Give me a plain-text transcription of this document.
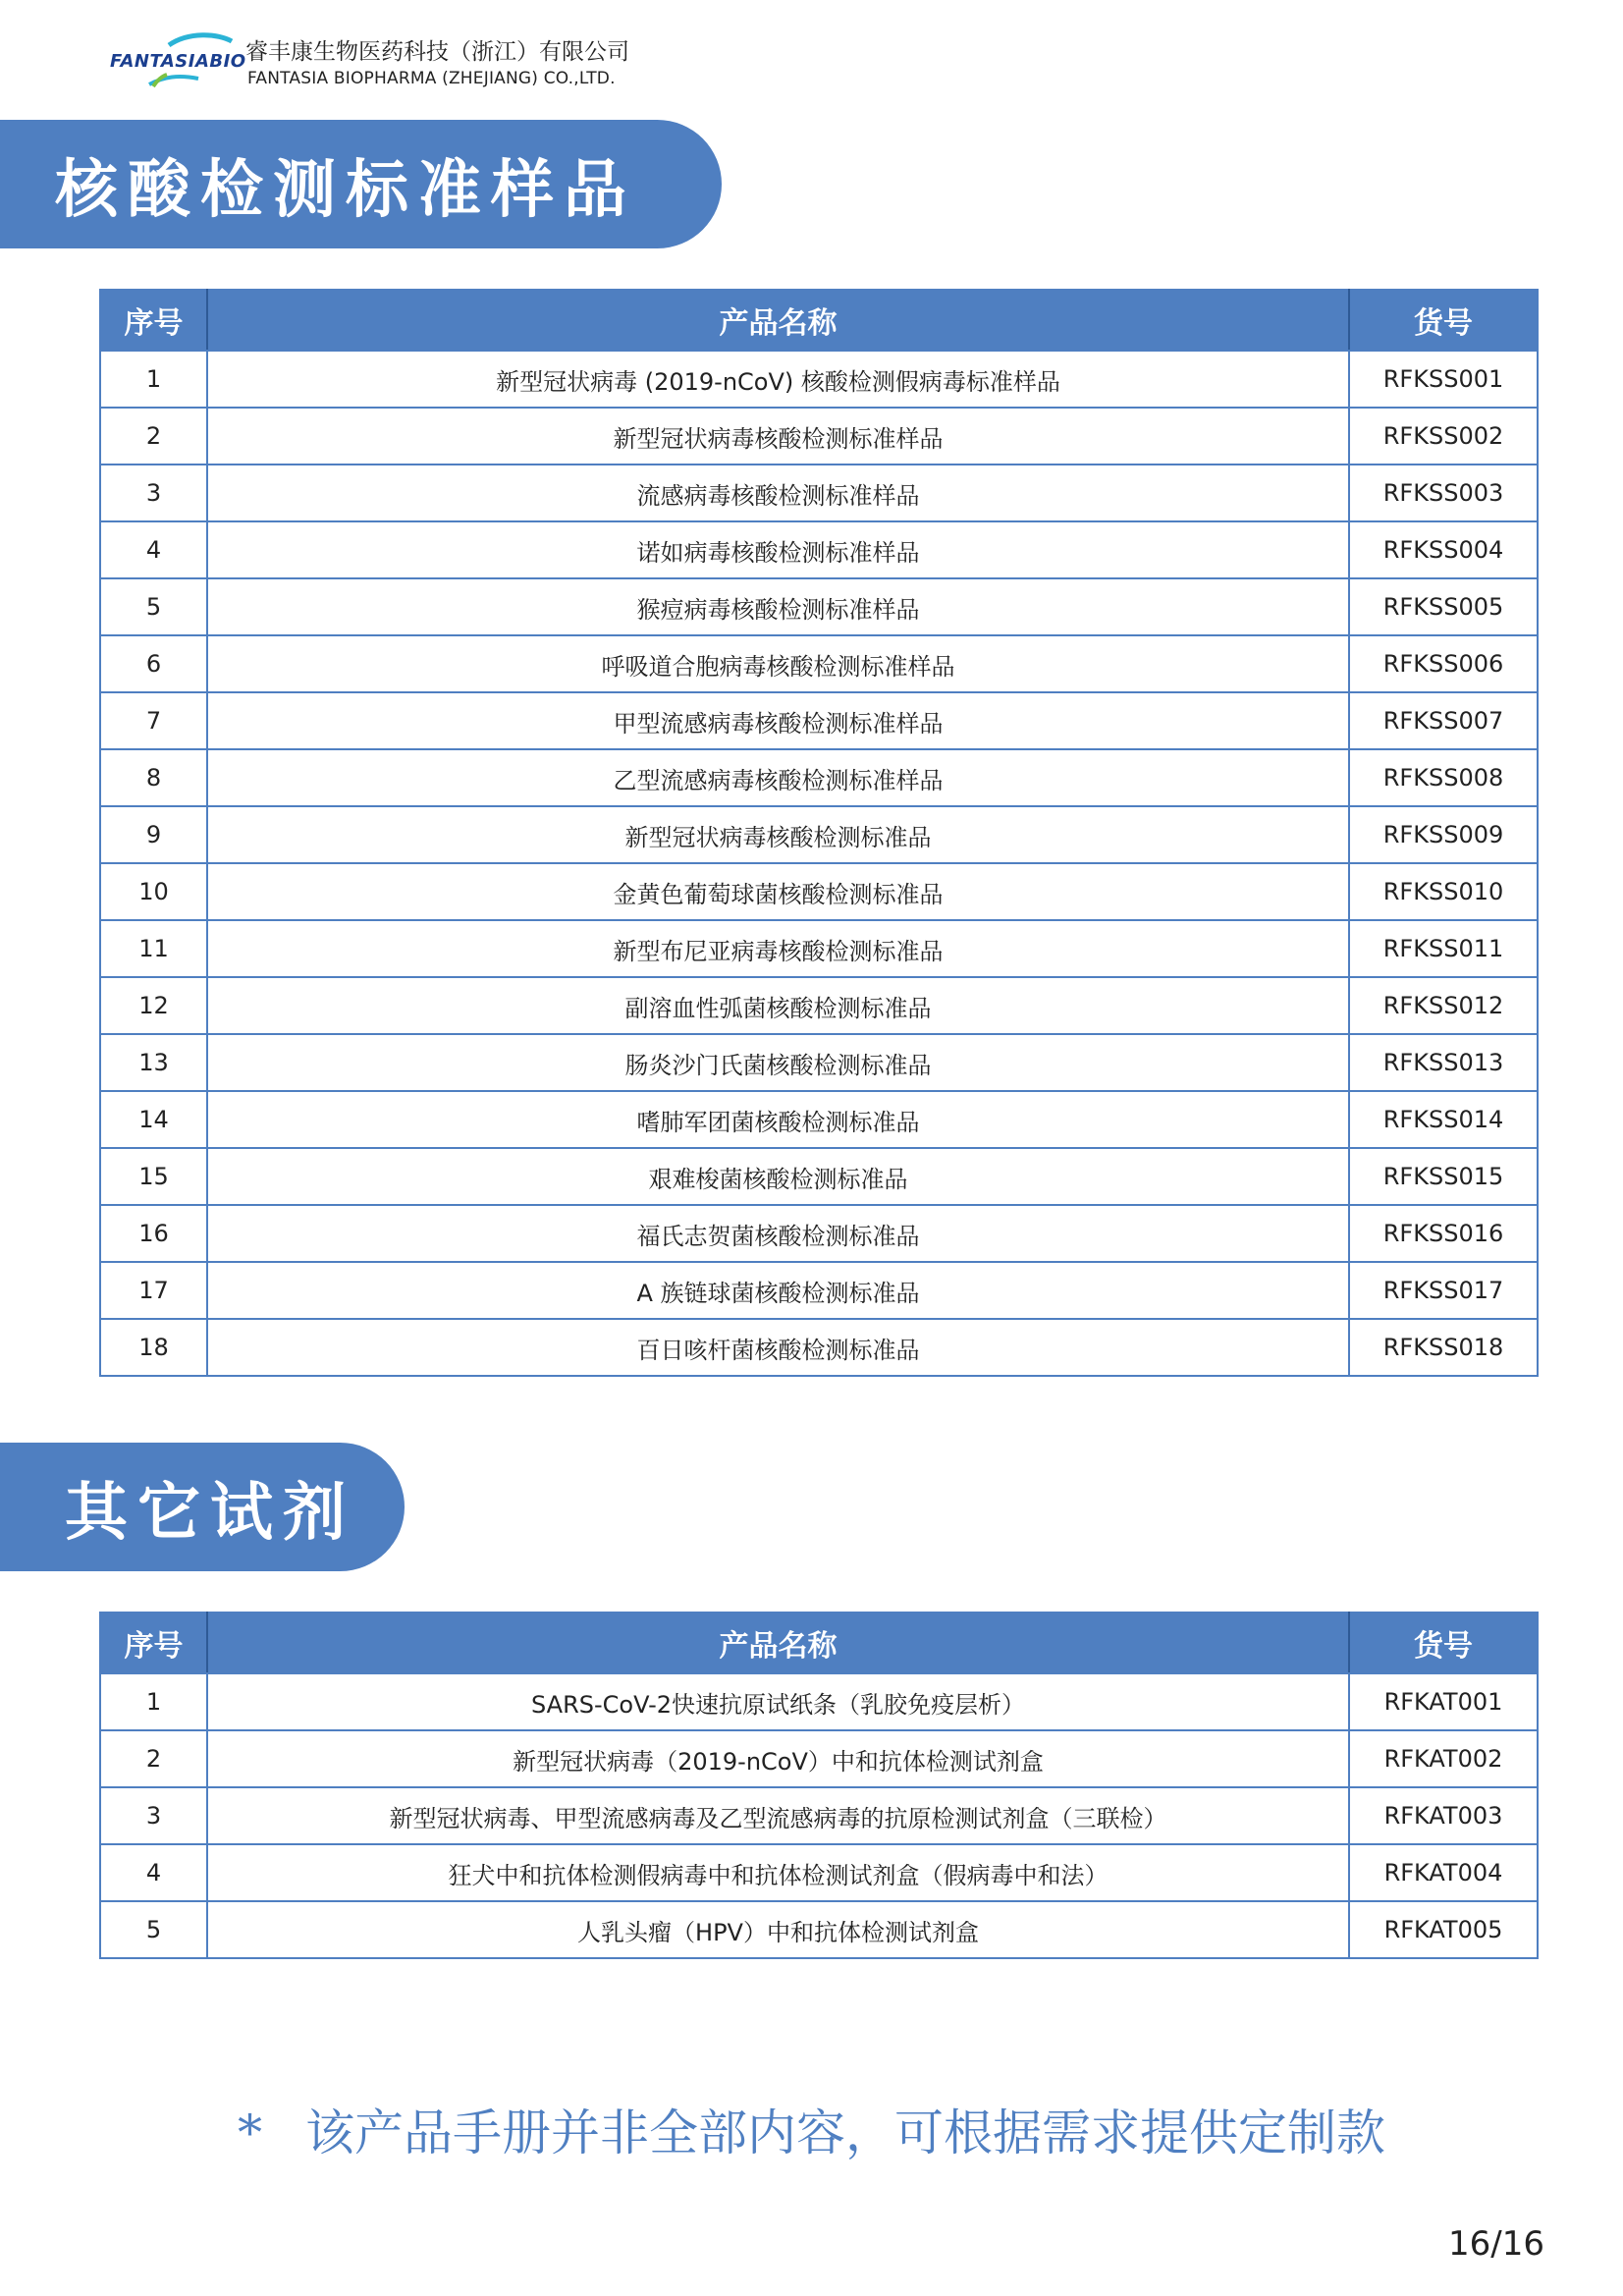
FANTASIABIO 睿丰康生物医药科技（浙江）有限公司
FANTASIA BIOPHARMA (ZHEJIANG) CO.,LTD.
核酸检测标准样品
序号	产品名称	货号
1	新型冠状病毒 (2019-nCoV) 核酸检测假病毒标准样品	RFKSS001
2	新型冠状病毒核酸检测标准样品	RFKSS002
3	流感病毒核酸检测标准样品	RFKSS003
4	诺如病毒核酸检测标准样品	RFKSS004
5	猴痘病毒核酸检测标准样品	RFKSS005
6	呼吸道合胞病毒核酸检测标准样品	RFKSS006
7	甲型流感病毒核酸检测标准样品	RFKSS007
8	乙型流感病毒核酸检测标准样品	RFKSS008
9	新型冠状病毒核酸检测标准品	RFKSS009
10	金黄色葡萄球菌核酸检测标准品	RFKSS010
11	新型布尼亚病毒核酸检测标准品	RFKSS011
12	副溶血性弧菌核酸检测标准品	RFKSS012
13	肠炎沙门氏菌核酸检测标准品	RFKSS013
14	嗜肺军团菌核酸检测标准品	RFKSS014
15	艰难梭菌核酸检测标准品	RFKSS015
16	福氏志贺菌核酸检测标准品	RFKSS016
17	A 族链球菌核酸检测标准品	RFKSS017
18	百日咳杆菌核酸检测标准品	RFKSS018
其它试剂
序号	产品名称	货号
1	SARS-CoV-2快速抗原试纸条（乳胶免疫层析）	RFKAT001
2	新型冠状病毒（2019-nCoV）中和抗体检测试剂盒	RFKAT002
3	新型冠状病毒、甲型流感病毒及乙型流感病毒的抗原检测试剂盒（三联检）	RFKAT003
4	狂犬中和抗体检测假病毒中和抗体检测试剂盒（假病毒中和法）	RFKAT004
5	人乳头瘤（HPV）中和抗体检测试剂盒	RFKAT005
* 该产品手册并非全部内容，可根据需求提供定制款
16/16
